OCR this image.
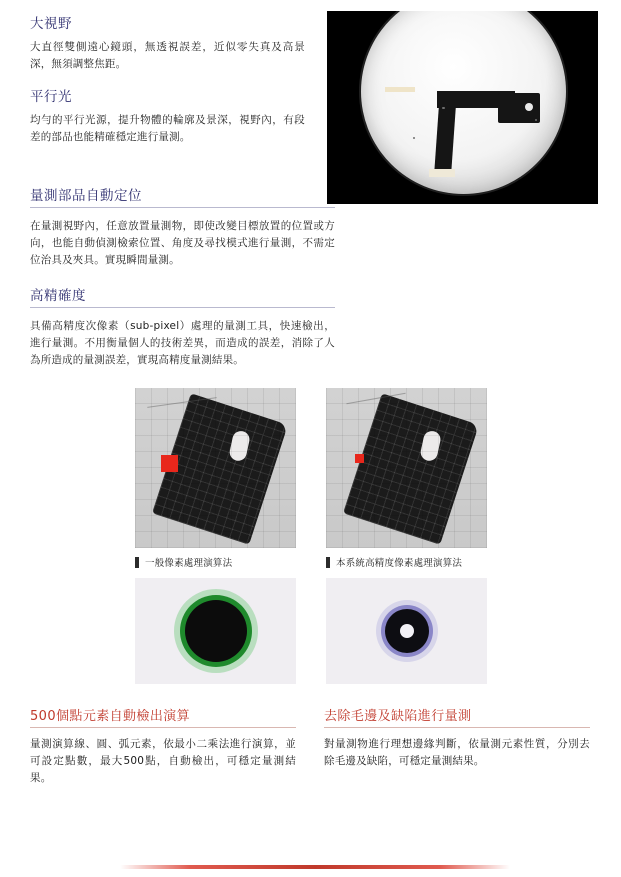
大視野

大直徑雙側遠心鏡頭，無透視誤差，近似零失真及高景深，無須調整焦距。

平行光

均勻的平行光源，提升物體的輪廓及景深，視野內，有段差的部品也能精確穩定進行量測。

量測部品自動定位

在量測視野內，任意放置量測物，即使改變目標放置的位置或方向，也能自動偵測檢索位置、角度及尋找模式進行量測，不需定位治具及夾具。實現瞬間量測。

高精確度

具備高精度次像素（sub-pixel）處理的量測工具，快速檢出，進行量測。不用衡量個人的技術差異，而造成的誤差，消除了人為所造成的量測誤差，實現高精度量測結果。

一般像素處理演算法	本系統高精度像素處理演算法
500個點元素自動檢出演算

量測演算線、圓、弧元素，依最小二乘法進行演算，並可設定點數，最大500點，自動檢出，可穩定量測結果。

去除毛邊及缺陷進行量測

對量測物進行理想邊緣判斷，依量測元素性質，分別去除毛邊及缺陷，可穩定量測結果。
